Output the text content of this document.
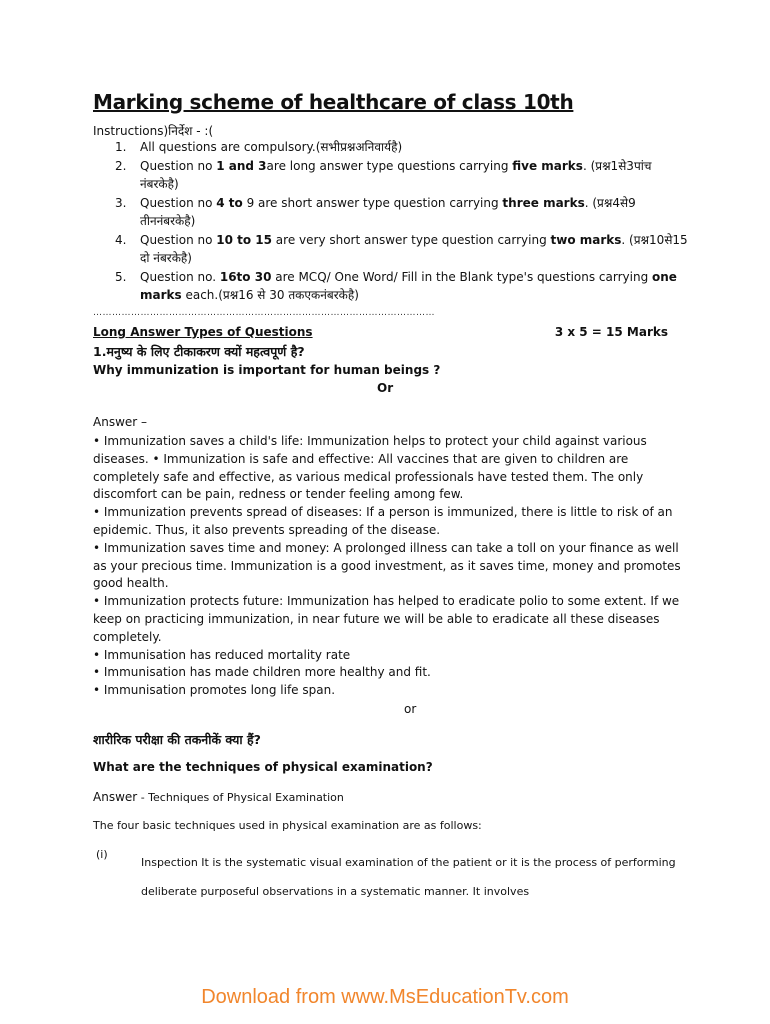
Marking scheme of healthcare of class 10th
Instructions)निर्देश - :(
1. All questions are compulsory.(सभीप्रश्नअनिवार्यहै)
2. Question no 1 and 3are long answer type questions carrying five marks. (प्रश्न1से3पांच नंबरकेहै)
3. Question no 4 to 9 are short answer type question carrying three marks. (प्रश्न4से9 तीननंबरकेहै)
4. Question no 10 to 15 are very short answer type question carrying two marks. (प्रश्न10से15 दो नंबरकेहै)
5. Question no. 16to 30 are MCQ/ One Word/ Fill in the Blank type's questions carrying one marks each.(प्रश्न16 से 30 तकएकनंबरकेहै)
………………………………………………………………………………………………
Long Answer Types of Questions	3 x 5 = 15 Marks
1.मनुष्य के लिए टीकाकरण क्यों महत्वपूर्ण है?
Why immunization is important for human beings ?
Or
Answer –

• Immunization saves a child's life: Immunization helps to protect your child against various diseases. • Immunization is safe and effective: All vaccines that are given to children are completely safe and effective, as various medical professionals have tested them. The only discomfort can be pain, redness or tender feeling among few.

• Immunization prevents spread of diseases: If a person is immunized, there is little to risk of an epidemic. Thus, it also prevents spreading of the disease.

• Immunization saves time and money: A prolonged illness can take a toll on your finance as well as your precious time. Immunization is a good investment, as it saves time, money and promotes good health.

• Immunization protects future: Immunization has helped to eradicate polio to some extent. If we keep on practicing immunization, in near future we will be able to eradicate all these diseases completely.

• Immunisation has reduced mortality rate

• Immunisation has made children more healthy and fit.

• Immunisation promotes long life span.

or
शारीरिक परीक्षा की तकनीकें क्या हैं?
What are the techniques of physical examination?
Answer - Techniques of Physical Examination
The four basic techniques used in physical examination are as follows:
(i)
Inspection It is the systematic visual examination of the patient or it is the process of performing deliberate purposeful observations in a systematic manner. It involves
Download from www.MsEducationTv.com
